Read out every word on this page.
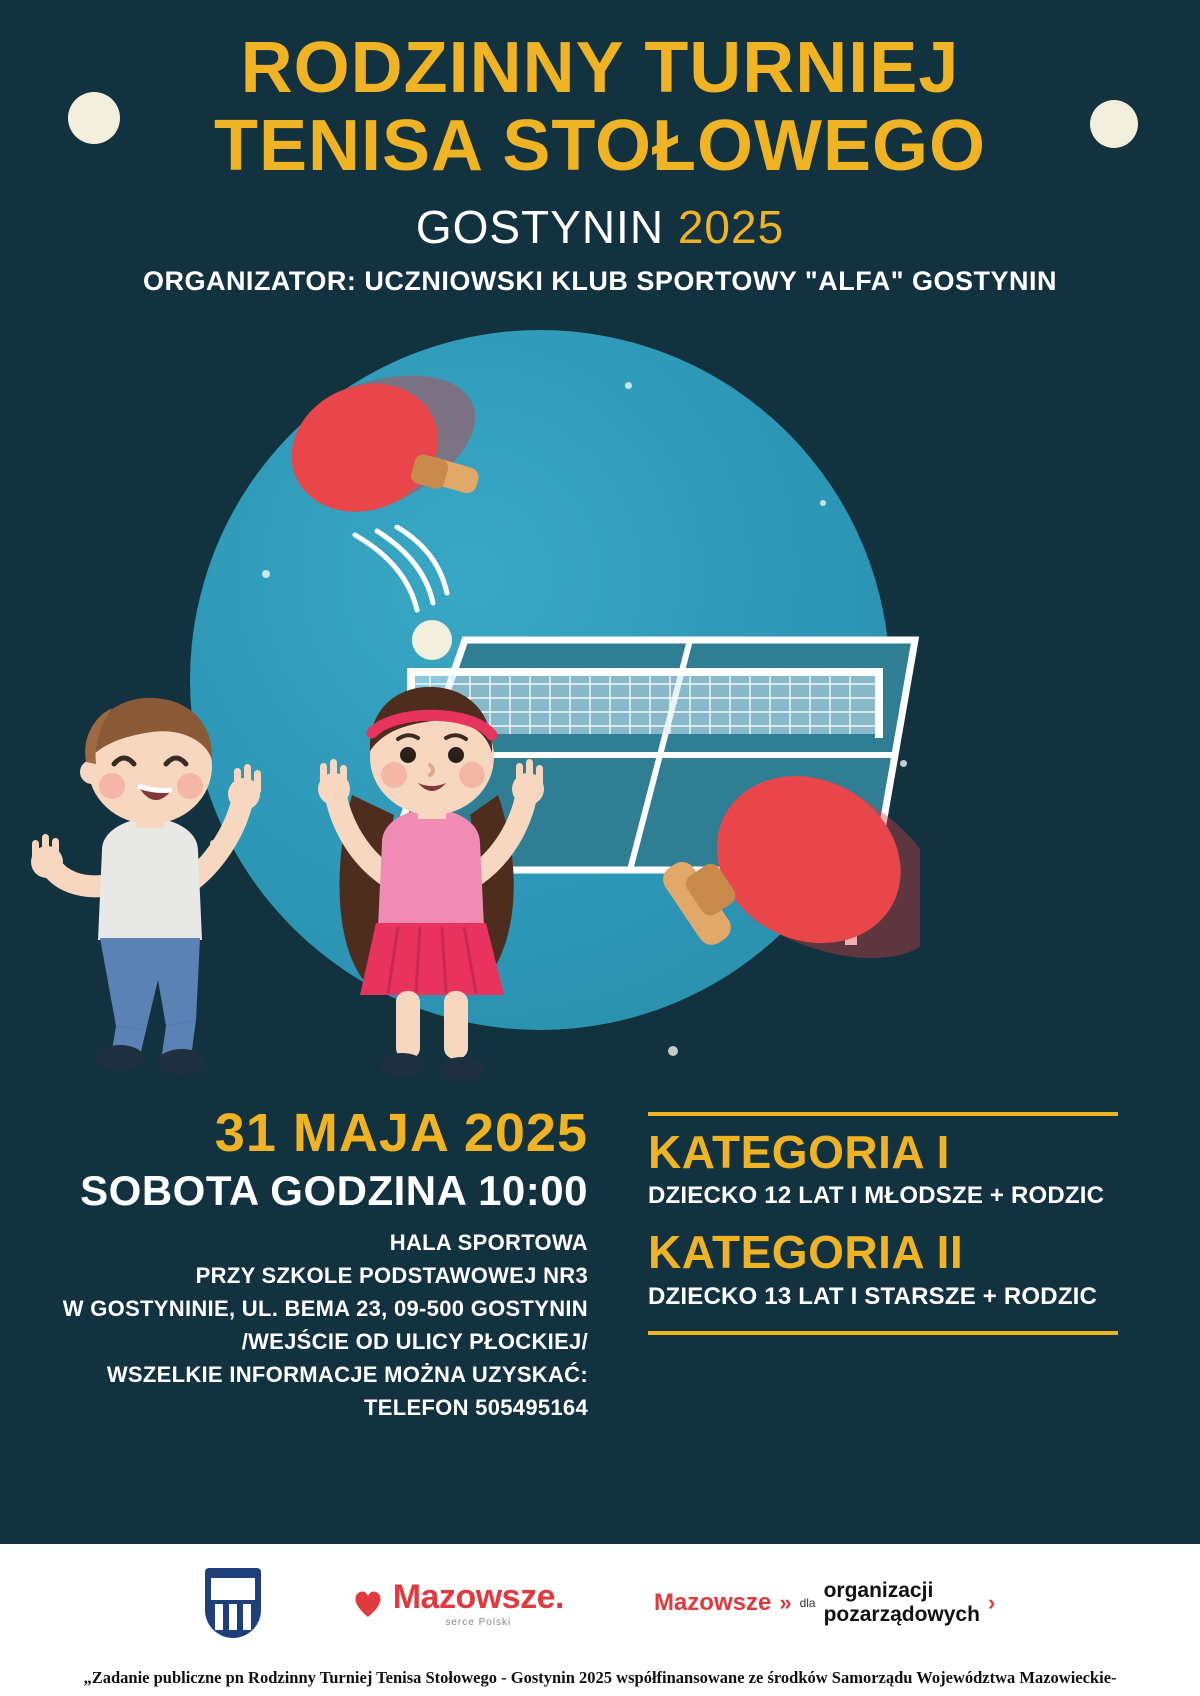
RODZINNY TURNIEJ
TENISA STOŁOWEGO
GOSTYNIN 2025
ORGANIZATOR: UCZNIOWSKI KLUB SPORTOWY "ALFA" GOSTYNIN
31 MAJA 2025
SOBOTA GODZINA 10:00
HALA SPORTOWA
PRZY SZKOLE PODSTAWOWEJ NR3
W GOSTYNINIE, UL. BEMA 23, 09-500 GOSTYNIN
/WEJŚCIE OD ULICY PŁOCKIEJ/
WSZELKIE INFORMACJE MOŻNA UZYSKAĆ:
TELEFON 505495164
KATEGORIA I
DZIECKO 12 LAT I MŁODSZE + RODZIC
KATEGORIA II
DZIECKO 13 LAT I STARSZE + RODZIC
Mazowsze.
serce Polski
Mazowsze » dla
organizacji
pozarządowych ›
„Zadanie publiczne pn Rodzinny Turniej Tenisa Stołowego - Gostynin 2025 współfinansowane ze środków Samorządu Województwa Mazowieckie-
